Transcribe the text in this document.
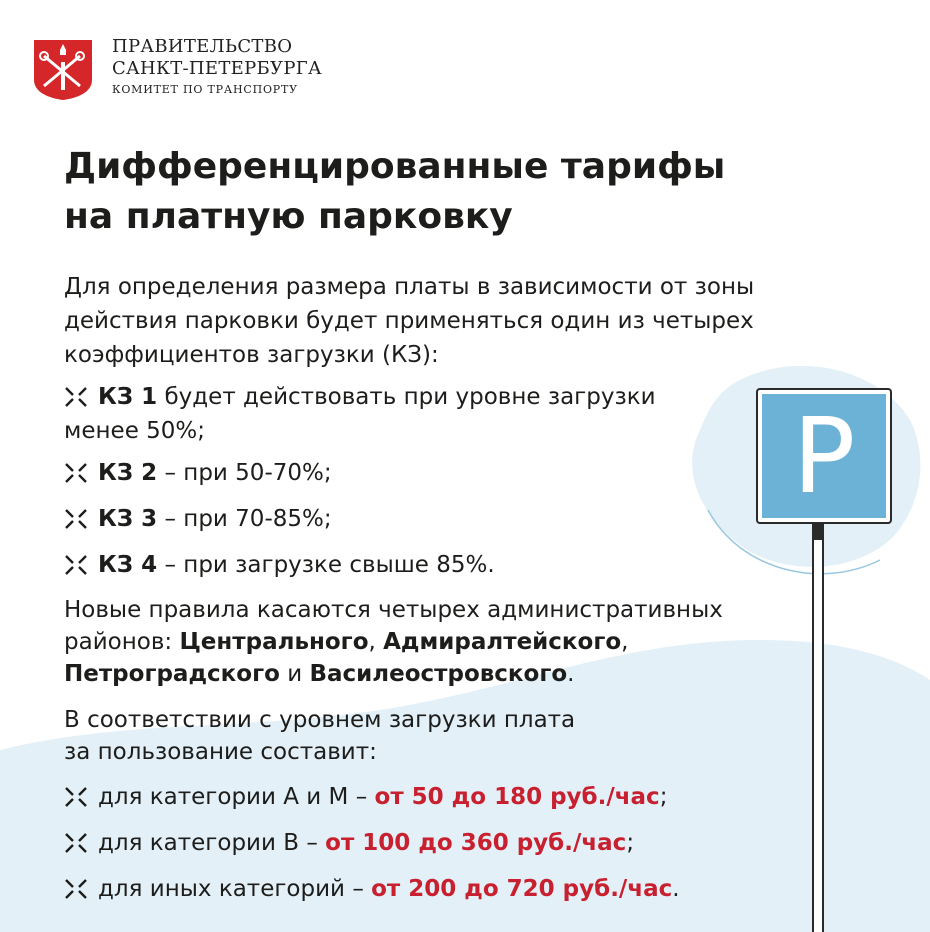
ПРАВИТЕЛЬСТВО
САНКТ-ПЕТЕРБУРГА
КОМИТЕТ ПО ТРАНСПОРТУ
Дифференцированные тарифы
на платную парковку
Для определения размера платы в зависимости от зоны действия парковки будет применяться один из четырех коэффициентов загрузки (КЗ):
КЗ 1 будет действовать при уровне загрузки
менее 50%;
КЗ 2 – при 50-70%;
КЗ 3 – при 70-85%;
КЗ 4 – при загрузке свыше 85%.
Новые правила касаются четырех административных районов: Центрального, Адмиралтейского,
Петроградского и Василеостровского.
В соответствии с уровнем загрузки плата
за пользование составит:
для категории А и М – от 50 до 180 руб./час;
для категории В – от 100 до 360 руб./час;
для иных категорий – от 200 до 720 руб./час.
P
